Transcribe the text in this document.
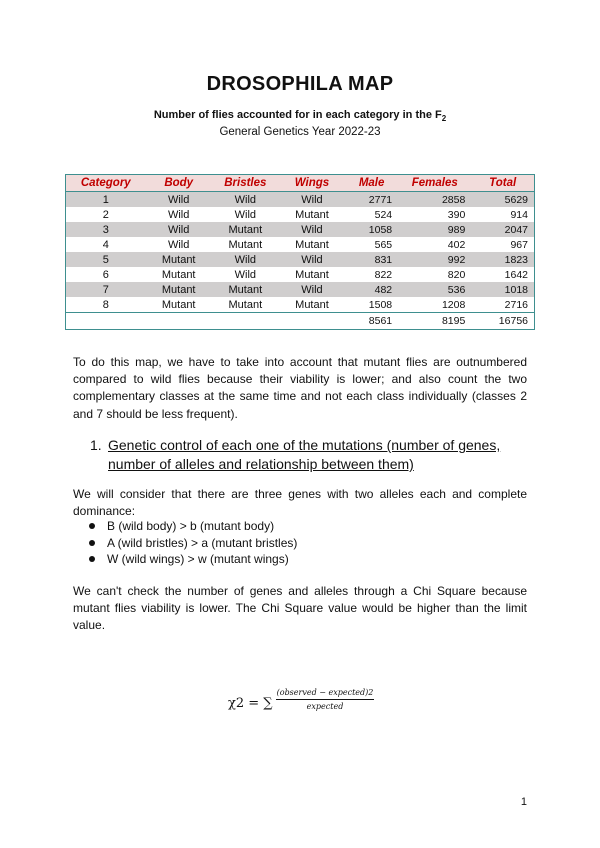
DROSOPHILA MAP
Number of flies accounted for in each category in the $F_2$
General Genetics Year 2022-23
Category	Body	Bristles	Wings	Male	Females	Total
1	Wild	Wild	Wild	2771	2858	5629
2	Wild	Wild	Mutant	524	390	914
3	Wild	Mutant	Wild	1058	989	2047
4	Wild	Mutant	Mutant	565	402	967
5	Mutant	Wild	Wild	831	992	1823
6	Mutant	Wild	Mutant	822	820	1642
7	Mutant	Mutant	Wild	482	536	1018
8	Mutant	Mutant	Mutant	1508	1208	2716
				8561	8195	16756

To do this map, we have to take into account that mutant flies are outnumbered compared to wild flies because their viability is lower; and also count the two complementary classes at the same time and not each class individually (classes 2 and 7 should be less frequent).

1. Genetic control of each one of the mutations (number of genes, number of alleles and relationship between them)

We will consider that there are three genes with two alleles each and complete dominance:

B (wild body) > b (mutant body)
A (wild bristles) > a (mutant bristles)
W (wild wings) > w (mutant wings)

We can't check the number of genes and alleles through a Chi Square because mutant flies viability is lower. The Chi Square value would be higher than the limit value.

χ2 = ∑
(observed − expected)2
expected
1
